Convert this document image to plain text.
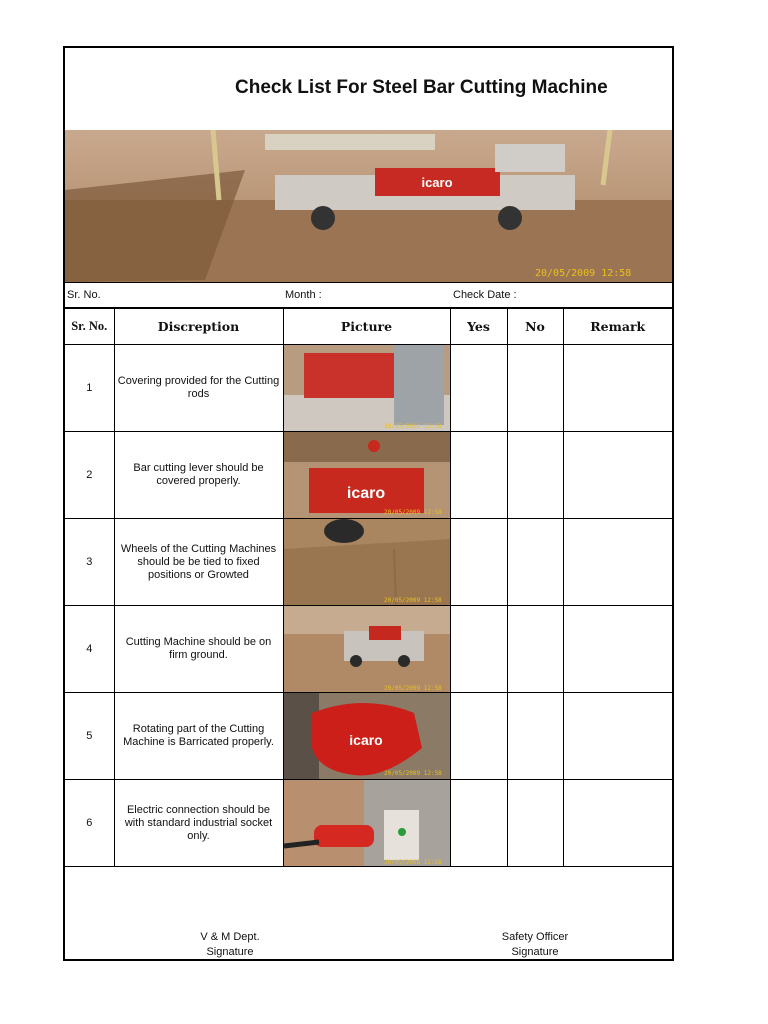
Check List For Steel Bar Cutting Machine
icaro
20/05/2009 12:58
Sr. No.	Month :	Check Date :
Sr. No.	Discreption	Picture	Yes	No	Remark
1	Covering provided for the Cutting rods	20/05/2009 12:58			

2	Bar cutting lever should be covered properly.	icaro
20/05/2009 12:58			

3	Wheels of the Cutting Machines should be be tied to fixed positions or Growted	20/05/2009 12:58			

4	Cutting Machine should be on firm ground.	20/05/2009 12:58			

5	Rotating part of the Cutting Machine is Barricated properly.	icaro
20/05/2009 12:58			

6	Electric connection should be with standard industrial socket only.	20/05/2009 12:58			

V & M Dept.
Signature
Safety Officer
Signature
